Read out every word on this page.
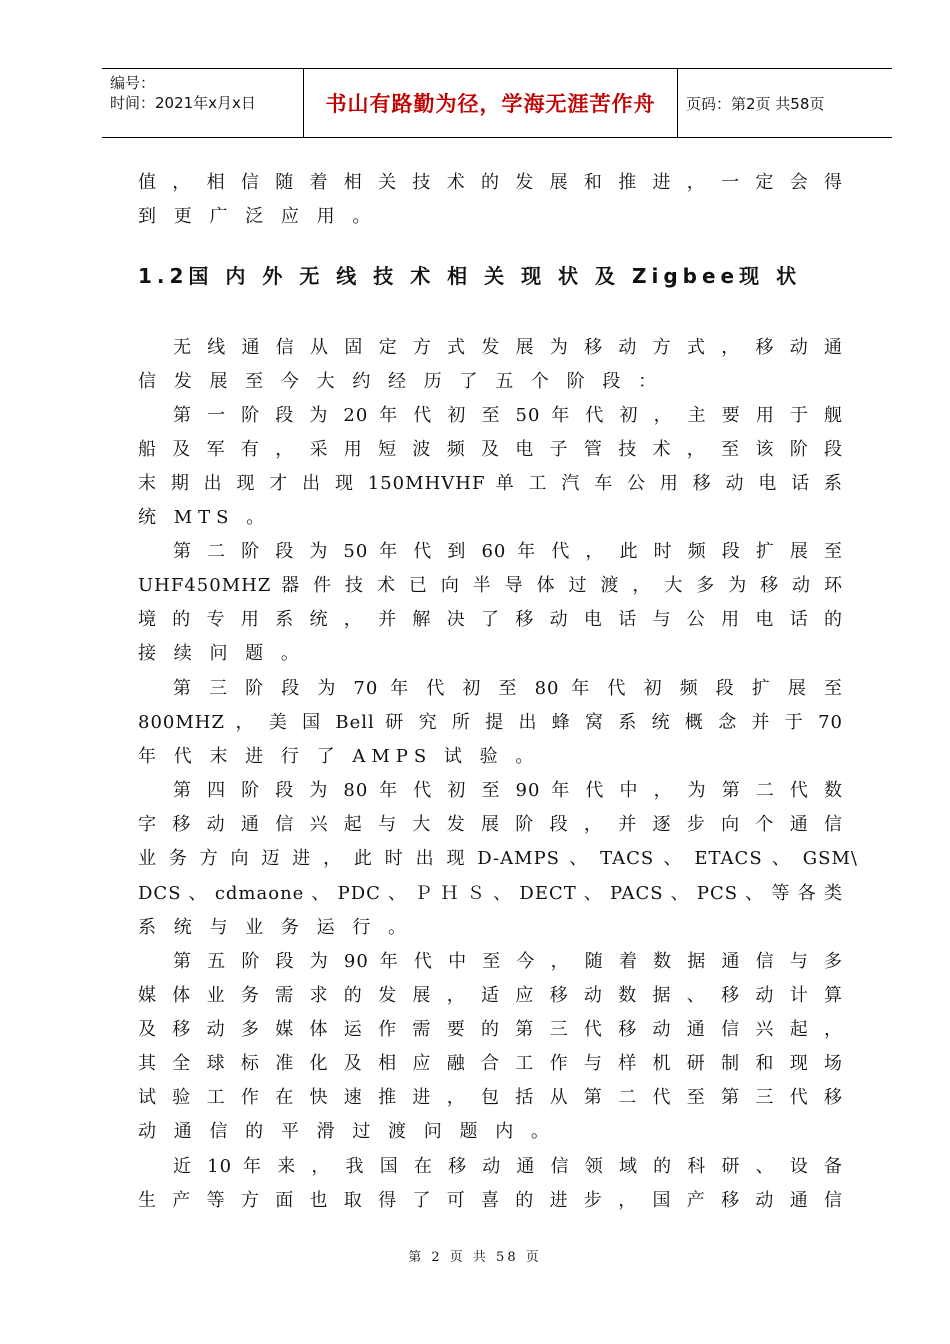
编号：
时间：2021年x月x日	书山有路勤为径，学海无涯苦作舟	页码：第2页 共58页
值 ， 相 信 随 着 相 关 技 术 的 发 展 和 推 进 ， 一 定 会 得
到 更 广 泛 应 用 。
1.2国 内 外 无 线 技 术 相 关 现 状 及 Zigbee现 状
无 线 通 信 从 固 定 方 式 发 展 为 移 动 方 式 ， 移 动 通
信 发 展 至 今 大 约 经 历 了 五 个 阶 段 ：
第 一 阶 段 为 20 年 代 初 至 50 年 代 初 ， 主 要 用 于 舰
船 及 军 有 ， 采 用 短 波 频 及 电 子 管 技 术 ， 至 该 阶 段
末 期 出 现 才 出 现 150MHVHF 单 工 汽 车 公 用 移 动 电 话 系
统 MTS 。
第 二 阶 段 为 50 年 代 到 60 年 代 ， 此 时 频 段 扩 展 至
UHF450MHZ 器 件 技 术 已 向 半 导 体 过 渡 ， 大 多 为 移 动 环
境 的 专 用 系 统 ， 并 解 决 了 移 动 电 话 与 公 用 电 话 的
接 续 问 题 。
第 三 阶 段 为 70 年 代 初 至 80 年 代 初 频 段 扩 展 至
800MHZ ， 美 国 Bell 研 究 所 提 出 蜂 窝 系 统 概 念 并 于 70
年 代 末 进 行 了 AMPS 试 验 。
第 四 阶 段 为 80 年 代 初 至 90 年 代 中 ， 为 第 二 代 数
字 移 动 通 信 兴 起 与 大 发 展 阶 段 ， 并 逐 步 向 个 通 信
业 务 方 向 迈 进 ， 此 时 出 现 D-AMPS 、 TACS 、 ETACS 、 GSM\
DCS 、 cdmaone 、 PDC 、 Ｐ Ｈ Ｓ 、 DECT 、 PACS 、 PCS 、 等 各 类
系 统 与 业 务 运 行 。
第 五 阶 段 为 90 年 代 中 至 今 ， 随 着 数 据 通 信 与 多
媒 体 业 务 需 求 的 发 展 ， 适 应 移 动 数 据 、 移 动 计 算
及 移 动 多 媒 体 运 作 需 要 的 第 三 代 移 动 通 信 兴 起 ，
其 全 球 标 准 化 及 相 应 融 合 工 作 与 样 机 研 制 和 现 场
试 验 工 作 在 快 速 推 进 ， 包 括 从 第 二 代 至 第 三 代 移
动 通 信 的 平 滑 过 渡 问 题 内 。
近 10 年 来 ， 我 国 在 移 动 通 信 领 域 的 科 研 、 设 备
生 产 等 方 面 也 取 得 了 可 喜 的 进 步 ， 国 产 移 动 通 信
第 2 页 共 58 页
